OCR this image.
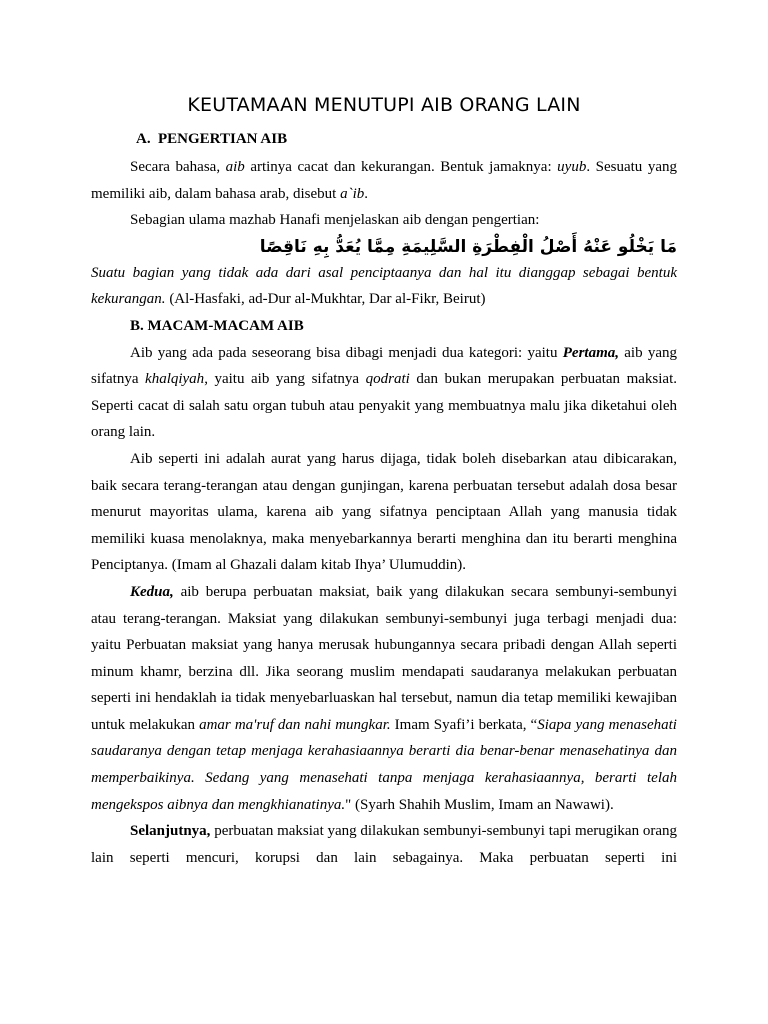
KEUTAMAAN MENUTUPI AIB ORANG LAIN
A. PENGERTIAN AIB

Secara bahasa, aib artinya cacat dan kekurangan. Bentuk jamaknya: uyub. Sesuatu yang memiliki aib, dalam bahasa arab, disebut a`ib.

Sebagian ulama mazhab Hanafi menjelaskan aib dengan pengertian:

مَا يَخْلُو عَنْهُ أَصْلُ الْفِطْرَةِ السَّلِيمَةِ مِمَّا يُعَدُّ بِهِ نَاقِصًا

Suatu bagian yang tidak ada dari asal penciptaanya dan hal itu dianggap sebagai bentuk kekurangan. (Al-Hasfaki, ad-Dur al-Mukhtar, Dar al-Fikr, Beirut)

B. MACAM-MACAM AIB

Aib yang ada pada seseorang bisa dibagi menjadi dua kategori: yaitu Pertama, aib yang sifatnya khalqiyah, yaitu aib yang sifatnya qodrati dan bukan merupakan perbuatan maksiat. Seperti cacat di salah satu organ tubuh atau penyakit yang membuatnya malu jika diketahui oleh orang lain.

Aib seperti ini adalah aurat yang harus dijaga, tidak boleh disebarkan atau dibicarakan, baik secara terang-terangan atau dengan gunjingan, karena perbuatan tersebut adalah dosa besar menurut mayoritas ulama, karena aib yang sifatnya penciptaan Allah yang manusia tidak memiliki kuasa menolaknya, maka menyebarkannya berarti menghina dan itu berarti menghina Penciptanya. (Imam al Ghazali dalam kitab Ihya’ Ulumuddin).

Kedua, aib berupa perbuatan maksiat, baik yang dilakukan secara sembunyi-sembunyi atau terang-terangan. Maksiat yang dilakukan sembunyi-sembunyi juga terbagi menjadi dua: yaitu Perbuatan maksiat yang hanya merusak hubungannya secara pribadi dengan Allah seperti minum khamr, berzina dll. Jika seorang muslim mendapati saudaranya melakukan perbuatan seperti ini hendaklah ia tidak menyebarluaskan hal tersebut, namun dia tetap memiliki kewajiban untuk melakukan amar ma'ruf dan nahi mungkar. Imam Syafi’i berkata, “Siapa yang menasehati saudaranya dengan tetap menjaga kerahasiaannya berarti dia benar-benar menasehatinya dan memperbaikinya. Sedang yang menasehati tanpa menjaga kerahasiaannya, berarti telah mengekspos aibnya dan mengkhianatinya." (Syarh Shahih Muslim, Imam an Nawawi).

Selanjutnya, perbuatan maksiat yang dilakukan sembunyi-sembunyi tapi merugikan orang lain seperti mencuri, korupsi dan lain sebagainya. Maka perbuatan seperti ini
